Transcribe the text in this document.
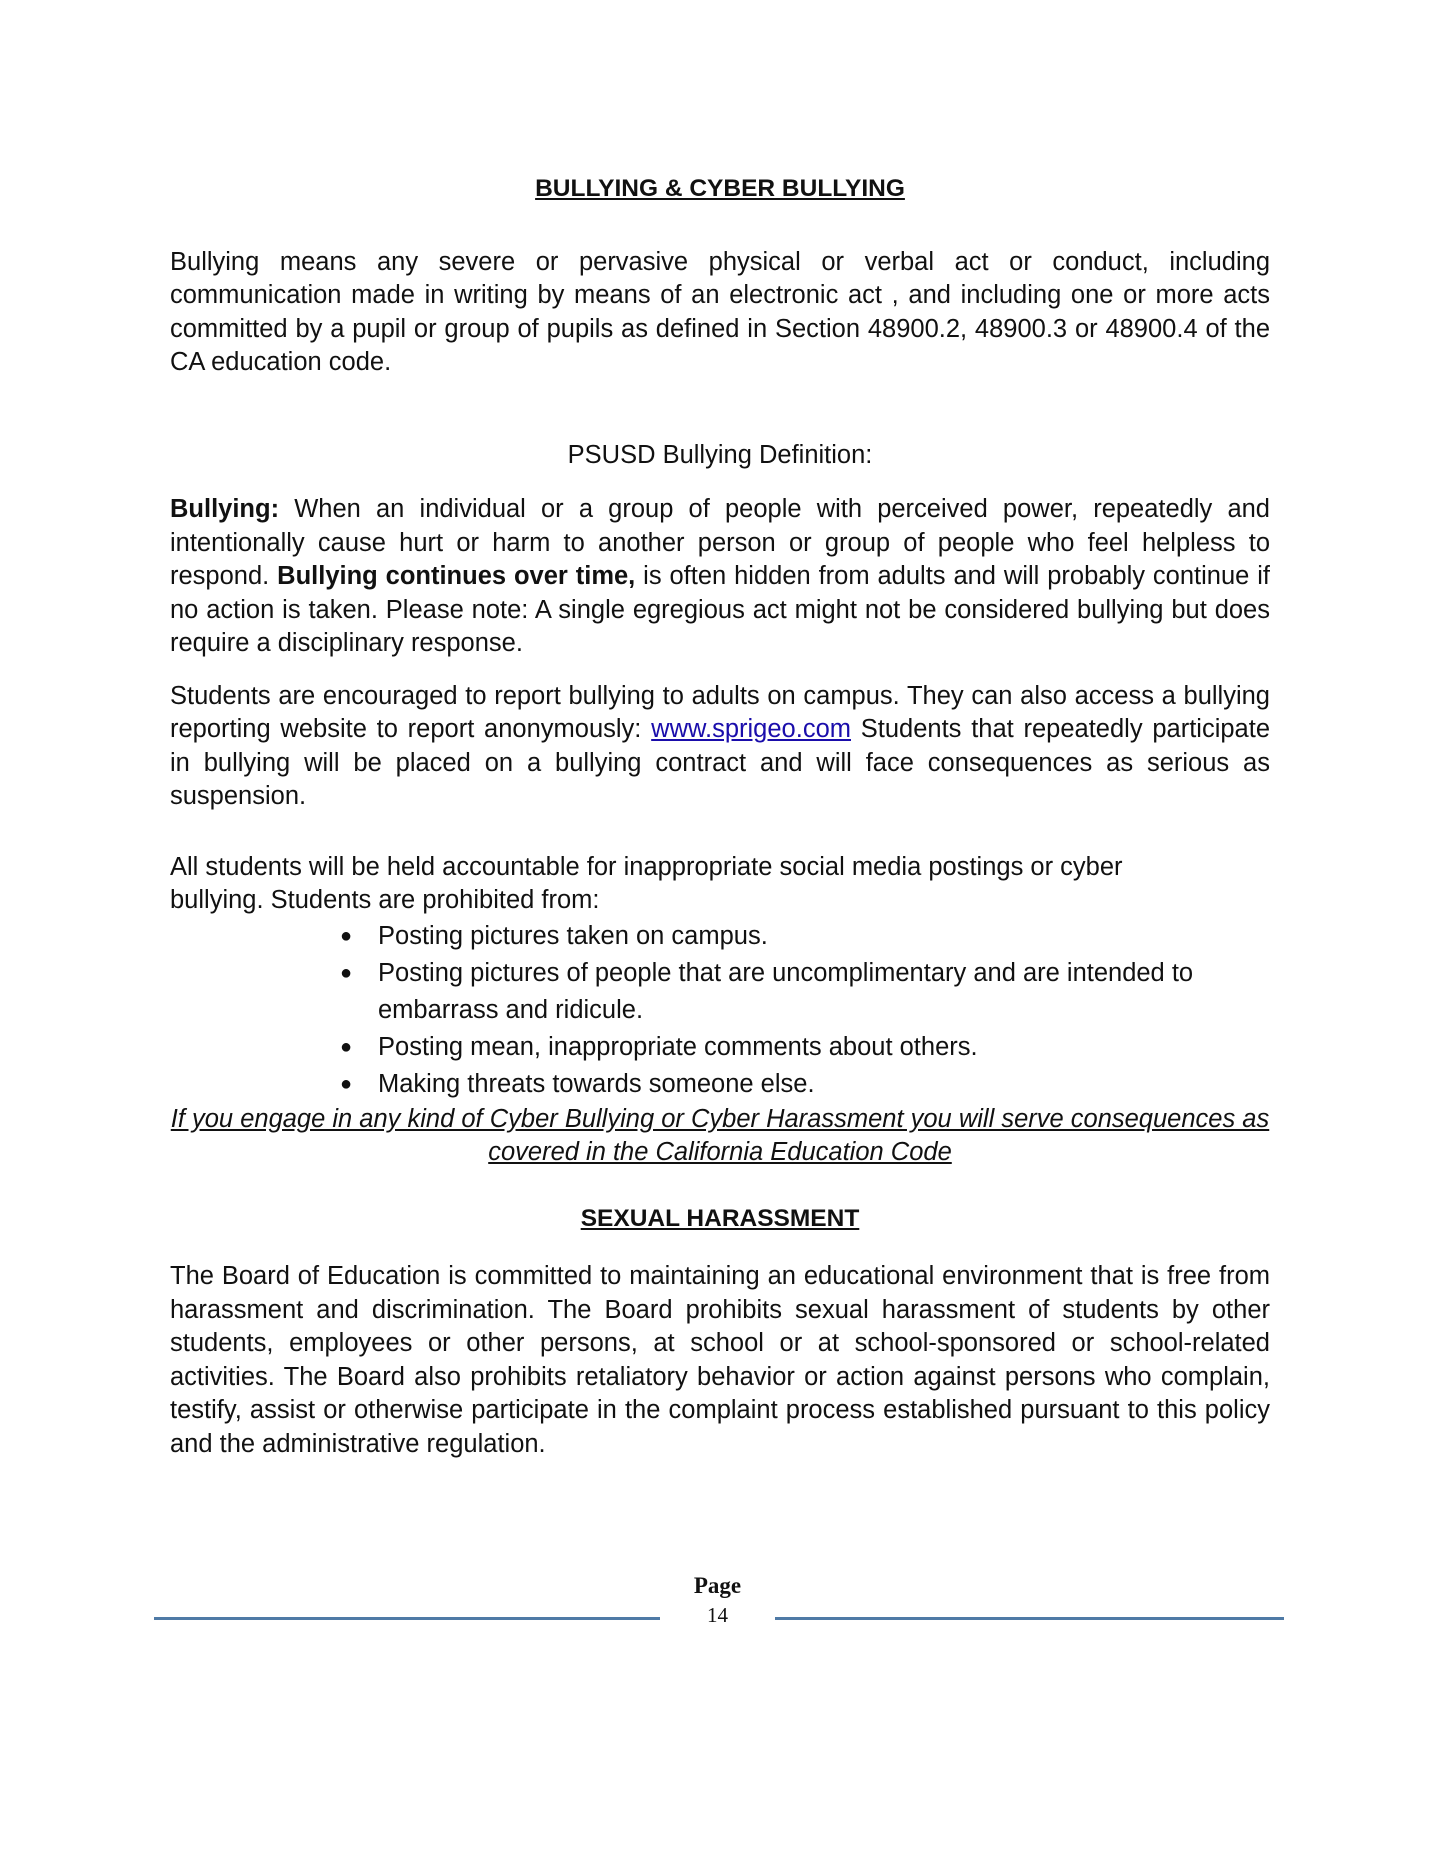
BULLYING & CYBER BULLYING

Bullying means any severe or pervasive physical or verbal act or conduct, including communication made in writing by means of an electronic act , and including one or more acts committed by a pupil or group of pupils as defined in Section 48900.2, 48900.3 or 48900.4 of the CA education code.

PSUSD Bullying Definition:

Bullying: When an individual or a group of people with perceived power, repeatedly and intentionally cause hurt or harm to another person or group of people who feel helpless to respond. Bullying continues over time, is often hidden from adults and will probably continue if no action is taken. Please note: A single egregious act might not be considered bullying but does require a disciplinary response.

Students are encouraged to report bullying to adults on campus. They can also access a bullying reporting website to report anonymously: www.sprigeo.com Students that repeatedly participate in bullying will be placed on a bullying contract and will face consequences as serious as suspension.

All students will be held accountable for inappropriate social media postings or cyber bullying. Students are prohibited from:

● Posting pictures taken on campus.
● Posting pictures of people that are uncomplimentary and are intended to embarrass and ridicule.
● Posting mean, inappropriate comments about others.
● Making threats towards someone else.

If you engage in any kind of Cyber Bullying or Cyber Harassment you will serve consequences as covered in the California Education Code

SEXUAL HARASSMENT

The Board of Education is committed to maintaining an educational environment that is free from harassment and discrimination. The Board prohibits sexual harassment of students by other students, employees or other persons, at school or at school-sponsored or school-related activities. The Board also prohibits retaliatory behavior or action against persons who complain, testify, assist or otherwise participate in the complaint process established pursuant to this policy and the administrative regulation.

Page
14
